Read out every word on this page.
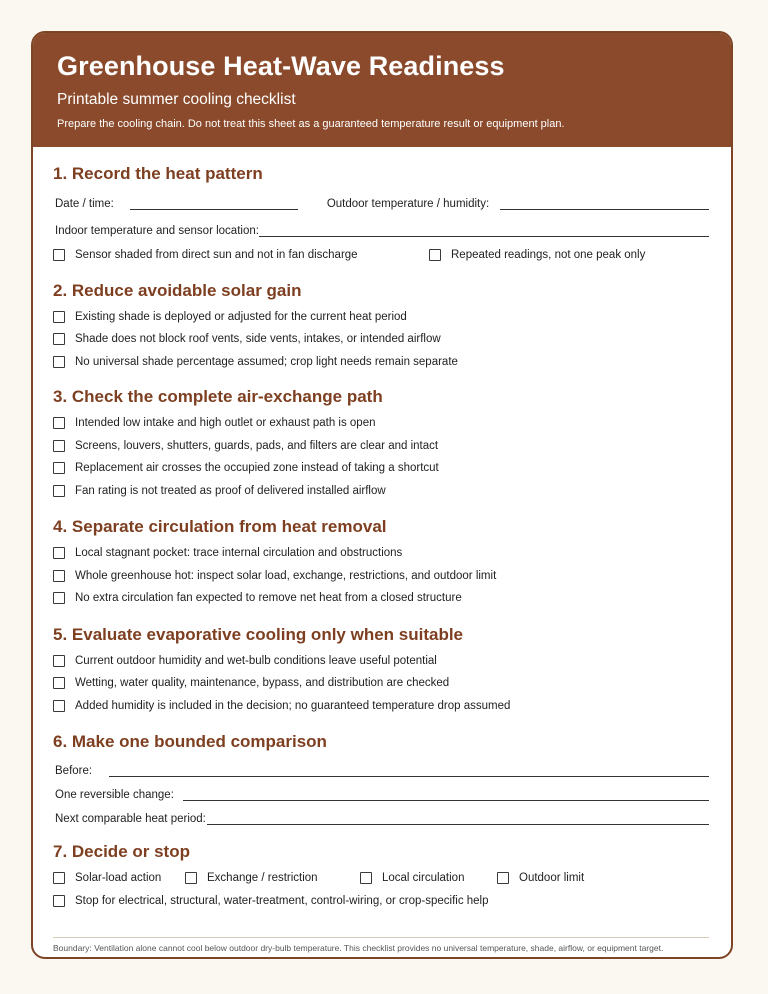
Greenhouse Heat-Wave Readiness
Printable summer cooling checklist
Prepare the cooling chain. Do not treat this sheet as a guaranteed temperature result or equipment plan.
1. Record the heat pattern
Date / time:	Outdoor temperature / humidity:
Indoor temperature and sensor location:
Sensor shaded from direct sun and not in fan discharge	Repeated readings, not one peak only
2. Reduce avoidable solar gain
Existing shade is deployed or adjusted for the current heat period
Shade does not block roof vents, side vents, intakes, or intended airflow
No universal shade percentage assumed; crop light needs remain separate
3. Check the complete air-exchange path
Intended low intake and high outlet or exhaust path is open
Screens, louvers, shutters, guards, pads, and filters are clear and intact
Replacement air crosses the occupied zone instead of taking a shortcut
Fan rating is not treated as proof of delivered installed airflow
4. Separate circulation from heat removal
Local stagnant pocket: trace internal circulation and obstructions
Whole greenhouse hot: inspect solar load, exchange, restrictions, and outdoor limit
No extra circulation fan expected to remove net heat from a closed structure
5. Evaluate evaporative cooling only when suitable
Current outdoor humidity and wet-bulb conditions leave useful potential
Wetting, water quality, maintenance, bypass, and distribution are checked
Added humidity is included in the decision; no guaranteed temperature drop assumed
6. Make one bounded comparison
Before:
One reversible change:
Next comparable heat period:
7. Decide or stop
Solar-load action	Exchange / restriction	Local circulation	Outdoor limit
Stop for electrical, structural, water-treatment, control-wiring, or crop-specific help
Boundary: Ventilation alone cannot cool below outdoor dry-bulb temperature. This checklist provides no universal temperature, shade, airflow, or equipment target.
